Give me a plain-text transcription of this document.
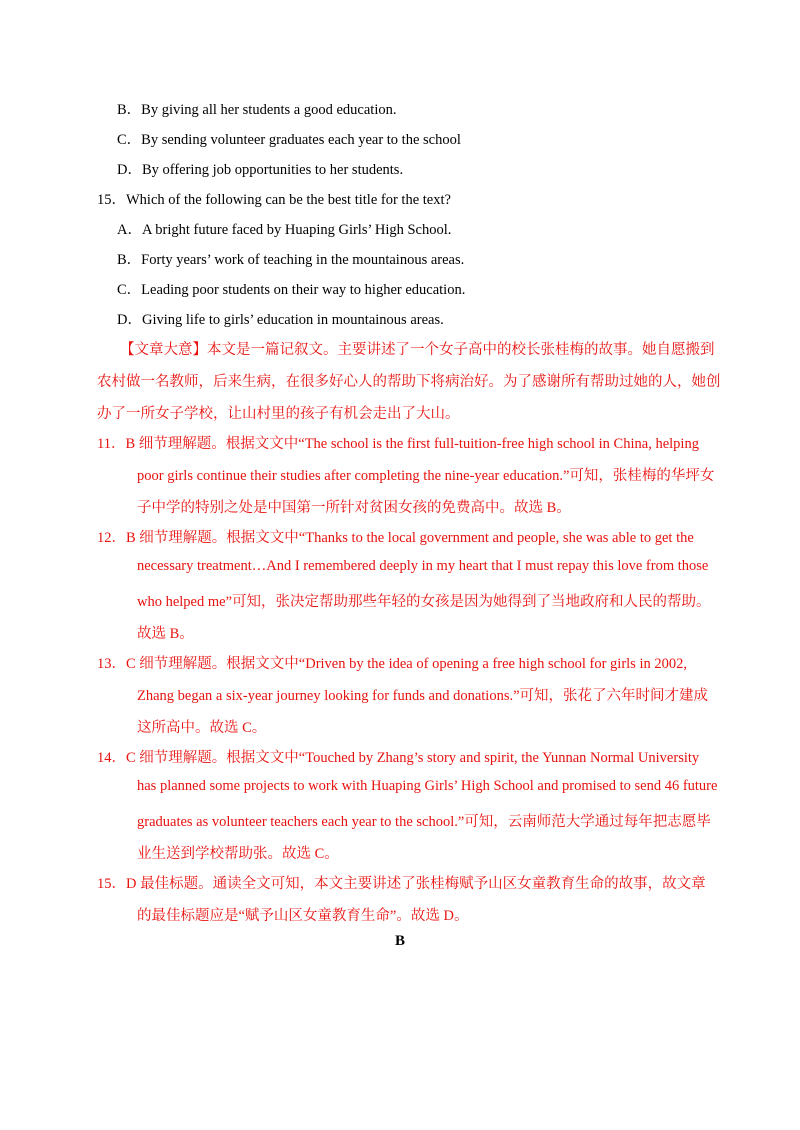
B．By giving all her students a good education.
C．By sending volunteer graduates each year to the school
D．By offering job opportunities to her students.
15．Which of the following can be the best title for the text?
A．A bright future faced by Huaping Girls’ High School.
B．Forty years’ work of teaching in the mountainous areas.
C．Leading poor students on their way to higher education.
D．Giving life to girls’ education in mountainous areas.
【文章大意】本文是一篇记叙文。主要讲述了一个女子高中的校长张桂梅的故事。她自愿搬到
农村做一名教师，后来生病，在很多好心人的帮助下将病治好。为了感谢所有帮助过她的人，她创
办了一所女子学校，让山村里的孩子有机会走出了大山。
11．B 细节理解题。根据文文中“The school is the first full-tuition-free high school in China, helping
poor girls continue their studies after completing the nine-year education.”可知，张桂梅的华坪女
子中学的特别之处是中国第一所针对贫困女孩的免费高中。故选 B。
12．B 细节理解题。根据文文中“Thanks to the local government and people, she was able to get the
necessary treatment…And I remembered deeply in my heart that I must repay this love from those
who helped me”可知，张决定帮助那些年轻的女孩是因为她得到了当地政府和人民的帮助。
故选 B。
13．C 细节理解题。根据文文中“Driven by the idea of opening a free high school for girls in 2002,
Zhang began a six-year journey looking for funds and donations.”可知，张花了六年时间才建成
这所高中。故选 C。
14．C 细节理解题。根据文文中“Touched by Zhang’s story and spirit, the Yunnan Normal University
has planned some projects to work with Huaping Girls’ High School and promised to send 46 future
graduates as volunteer teachers each year to the school.”可知，云南师范大学通过每年把志愿毕
业生送到学校帮助张。故选 C。
15．D 最佳标题。通读全文可知，本文主要讲述了张桂梅赋予山区女童教育生命的故事，故文章
的最佳标题应是“赋予山区女童教育生命”。故选 D。
B
